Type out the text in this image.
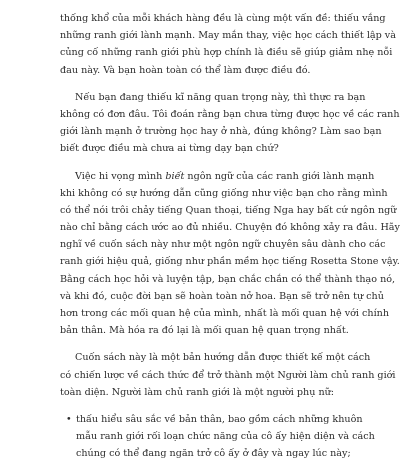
thống khổ của mỗi khách hàng đều là cùng một vấn đề: thiếu vắng
những ranh giới lành mạnh. May mắn thay, việc học cách thiết lập và
củng cố những ranh giới phù hợp chính là điều sẽ giúp giảm nhẹ nỗi
đau này. Và bạn hoàn toàn có thể làm được điều đó.
Nếu bạn đang thiếu kĩ năng quan trọng này, thì thực ra bạn
không có đơn đâu. Tôi đoán rằng bạn chưa từng được học về các ranh
giới lành mạnh ở trường học hay ở nhà, đúng không? Làm sao bạn
biết được điều mà chưa ai từng dạy bạn chứ?
Việc hi vọng mình biết ngôn ngữ của các ranh giới lành mạnh
khi không có sự hướng dẫn cũng giống như việc bạn cho rằng mình
có thể nói trôi chảy tiếng Quan thoại, tiếng Nga hay bất cứ ngôn ngữ
nào chỉ bằng cách ước ao đủ nhiều. Chuyện đó không xảy ra đâu. Hãy
nghĩ về cuốn sách này như một ngôn ngữ chuyên sâu dành cho các
ranh giới hiệu quả, giống như phần mềm học tiếng Rosetta Stone vậy.
Bằng cách học hỏi và luyện tập, bạn chắc chắn có thể thành thạo nó,
và khi đó, cuộc đời bạn sẽ hoàn toàn nở hoa. Bạn sẽ trở nên tự chủ
hơn trong các mối quan hệ của mình, nhất là mối quan hệ với chính
bản thân. Mà hóa ra đó lại là mối quan hệ quan trọng nhất.
Cuốn sách này là một bản hướng dẫn được thiết kế một cách
có chiến lược về cách thức để trở thành một Người làm chủ ranh giới
toàn diện. Người làm chủ ranh giới là một người phụ nữ:
• thấu hiểu sâu sắc về bản thân, bao gồm cách những khuôn
mẫu ranh giới rối loạn chức năng của cô ấy hiện diện và cách
chúng có thể đang ngăn trở cô ấy ở đây và ngay lúc này;
